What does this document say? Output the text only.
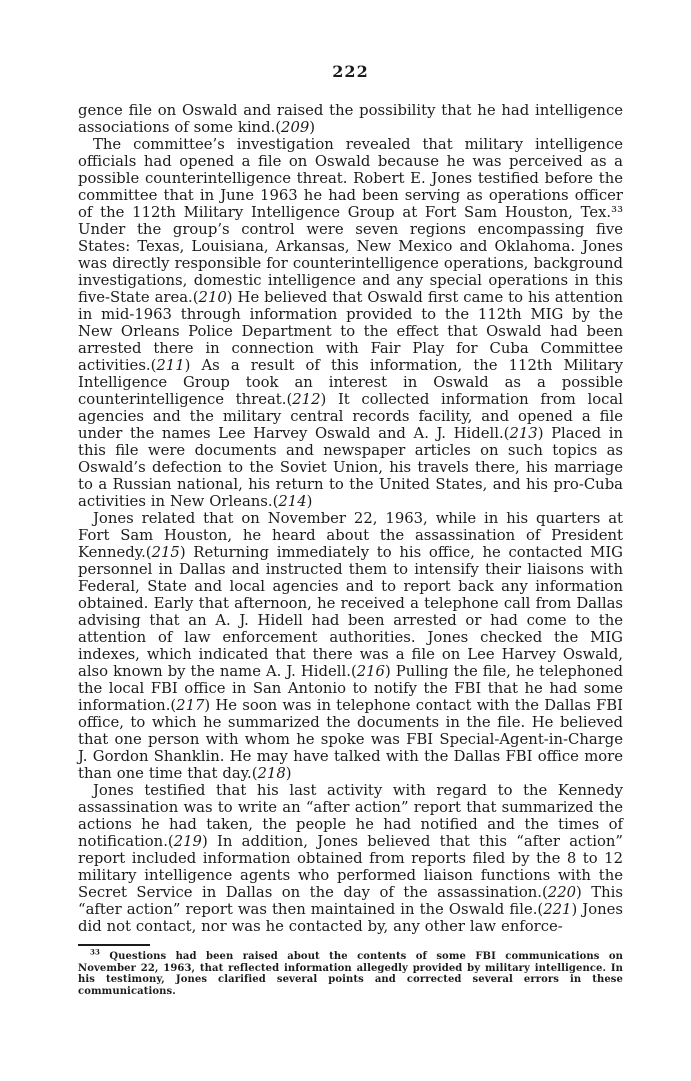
222

gence file on Oswald and raised the possibility that he had intelligence associations of some kind.(209)

The committee’s investigation revealed that military intelligence officials had opened a file on Oswald because he was perceived as a possible counterintelligence threat. Robert E. Jones testified before the committee that in June 1963 he had been serving as operations officer of the 112th Military Intelligence Group at Fort Sam Houston, Tex.³³ Under the group’s control were seven regions encompassing five States: Texas, Louisiana, Arkansas, New Mexico and Oklahoma. Jones was directly responsible for counterintelligence operations, background investigations, domestic intelligence and any special operations in this five-State area.(210) He believed that Oswald first came to his attention in mid-1963 through information provided to the 112th MIG by the New Orleans Police Department to the effect that Oswald had been arrested there in connection with Fair Play for Cuba Committee activities.(211) As a result of this information, the 112th Military Intelligence Group took an interest in Oswald as a possible counterintelligence threat.(212) It collected information from local agencies and the military central records facility, and opened a file under the names Lee Harvey Oswald and A. J. Hidell.(213) Placed in this file were documents and newspaper articles on such topics as Oswald’s defection to the Soviet Union, his travels there, his marriage to a Russian national, his return to the United States, and his pro-Cuba activities in New Orleans.(214)

Jones related that on November 22, 1963, while in his quarters at Fort Sam Houston, he heard about the assassination of President Kennedy.(215) Returning immediately to his office, he contacted MIG personnel in Dallas and instructed them to intensify their liaisons with Federal, State and local agencies and to report back any information obtained. Early that afternoon, he received a telephone call from Dallas advising that an A. J. Hidell had been arrested or had come to the attention of law enforcement authorities. Jones checked the MIG indexes, which indicated that there was a file on Lee Harvey Oswald, also known by the name A. J. Hidell.(216) Pulling the file, he telephoned the local FBI office in San Antonio to notify the FBI that he had some information.(217) He soon was in telephone contact with the Dallas FBI office, to which he summarized the documents in the file. He believed that one person with whom he spoke was FBI Special-Agent-in-Charge J. Gordon Shanklin. He may have talked with the Dallas FBI office more than one time that day.(218)

Jones testified that his last activity with regard to the Kennedy assassination was to write an “after action” report that summarized the actions he had taken, the people he had notified and the times of notification.(219) In addition, Jones believed that this “after action” report included information obtained from reports filed by the 8 to 12 military intelligence agents who performed liaison functions with the Secret Service in Dallas on the day of the assassination.(220) This “after action” report was then maintained in the Oswald file.(221) Jones did not contact, nor was he contacted by, any other law enforce-

$^{33}$ Questions had been raised about the contents of some FBI communications on November 22, 1963, that reflected information allegedly provided by military intelligence. In his testimony, Jones clarified several points and corrected several errors in these communications.
